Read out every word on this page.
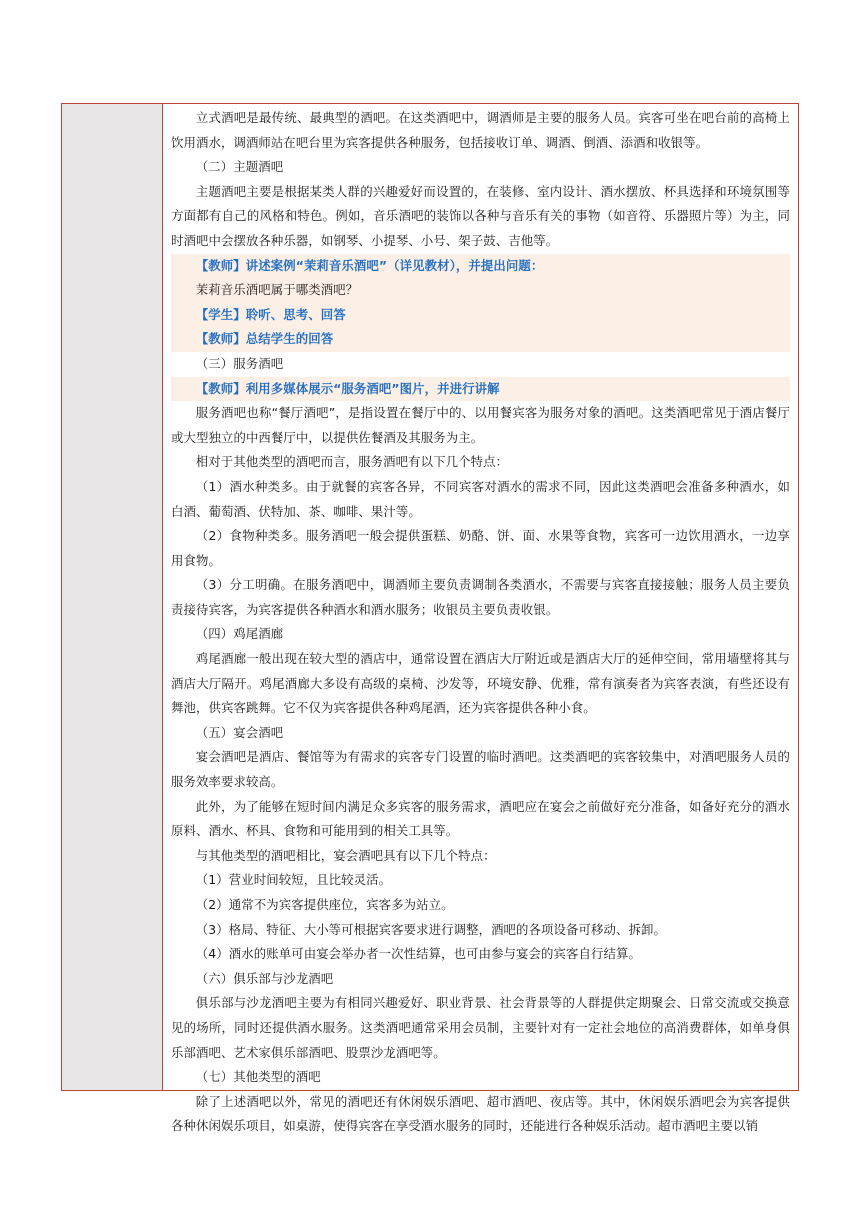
立式酒吧是最传统、最典型的酒吧。在这类酒吧中，调酒师是主要的服务人员。宾客可坐在吧台前的高椅上饮用酒水，调酒师站在吧台里为宾客提供各种服务，包括接收订单、调酒、倒酒、添酒和收银等。

（二）主题酒吧

主题酒吧主要是根据某类人群的兴趣爱好而设置的，在装修、室内设计、酒水摆放、杯具选择和环境氛围等方面都有自己的风格和特色。例如，音乐酒吧的装饰以各种与音乐有关的事物（如音符、乐器照片等）为主，同时酒吧中会摆放各种乐器，如钢琴、小提琴、小号、架子鼓、吉他等。

【教师】讲述案例“茉莉音乐酒吧”（详见教材），并提出问题：

茉莉音乐酒吧属于哪类酒吧？

【学生】聆听、思考、回答

【教师】总结学生的回答

（三）服务酒吧

【教师】利用多媒体展示“服务酒吧”图片，并进行讲解

服务酒吧也称“餐厅酒吧”，是指设置在餐厅中的、以用餐宾客为服务对象的酒吧。这类酒吧常见于酒店餐厅或大型独立的中西餐厅中，以提供佐餐酒及其服务为主。

相对于其他类型的酒吧而言，服务酒吧有以下几个特点：

（1）酒水种类多。由于就餐的宾客各异，不同宾客对酒水的需求不同，因此这类酒吧会准备多种酒水，如白酒、葡萄酒、伏特加、茶、咖啡、果汁等。

（2）食物种类多。服务酒吧一般会提供蛋糕、奶酪、饼、面、水果等食物，宾客可一边饮用酒水，一边享用食物。

（3）分工明确。在服务酒吧中，调酒师主要负责调制各类酒水，不需要与宾客直接接触；服务人员主要负责接待宾客，为宾客提供各种酒水和酒水服务；收银员主要负责收银。

（四）鸡尾酒廊

鸡尾酒廊一般出现在较大型的酒店中，通常设置在酒店大厅附近或是酒店大厅的延伸空间，常用墙壁将其与酒店大厅隔开。鸡尾酒廊大多设有高级的桌椅、沙发等，环境安静、优雅，常有演奏者为宾客表演，有些还设有舞池，供宾客跳舞。它不仅为宾客提供各种鸡尾酒，还为宾客提供各种小食。

（五）宴会酒吧

宴会酒吧是酒店、餐馆等为有需求的宾客专门设置的临时酒吧。这类酒吧的宾客较集中，对酒吧服务人员的服务效率要求较高。

此外，为了能够在短时间内满足众多宾客的服务需求，酒吧应在宴会之前做好充分准备，如备好充分的酒水原料、酒水、杯具、食物和可能用到的相关工具等。

与其他类型的酒吧相比，宴会酒吧具有以下几个特点：

（1）营业时间较短，且比较灵活。

（2）通常不为宾客提供座位，宾客多为站立。

（3）格局、特征、大小等可根据宾客要求进行调整，酒吧的各项设备可移动、拆卸。

（4）酒水的账单可由宴会举办者一次性结算，也可由参与宴会的宾客自行结算。

（六）俱乐部与沙龙酒吧

俱乐部与沙龙酒吧主要为有相同兴趣爱好、职业背景、社会背景等的人群提供定期聚会、日常交流或交换意见的场所，同时还提供酒水服务。这类酒吧通常采用会员制，主要针对有一定社会地位的高消费群体，如单身俱乐部酒吧、艺术家俱乐部酒吧、股票沙龙酒吧等。

（七）其他类型的酒吧

除了上述酒吧以外，常见的酒吧还有休闲娱乐酒吧、超市酒吧、夜店等。其中，休闲娱乐酒吧会为宾客提供各种休闲娱乐项目，如桌游，使得宾客在享受酒水服务的同时，还能进行各种娱乐活动。超市酒吧主要以销
